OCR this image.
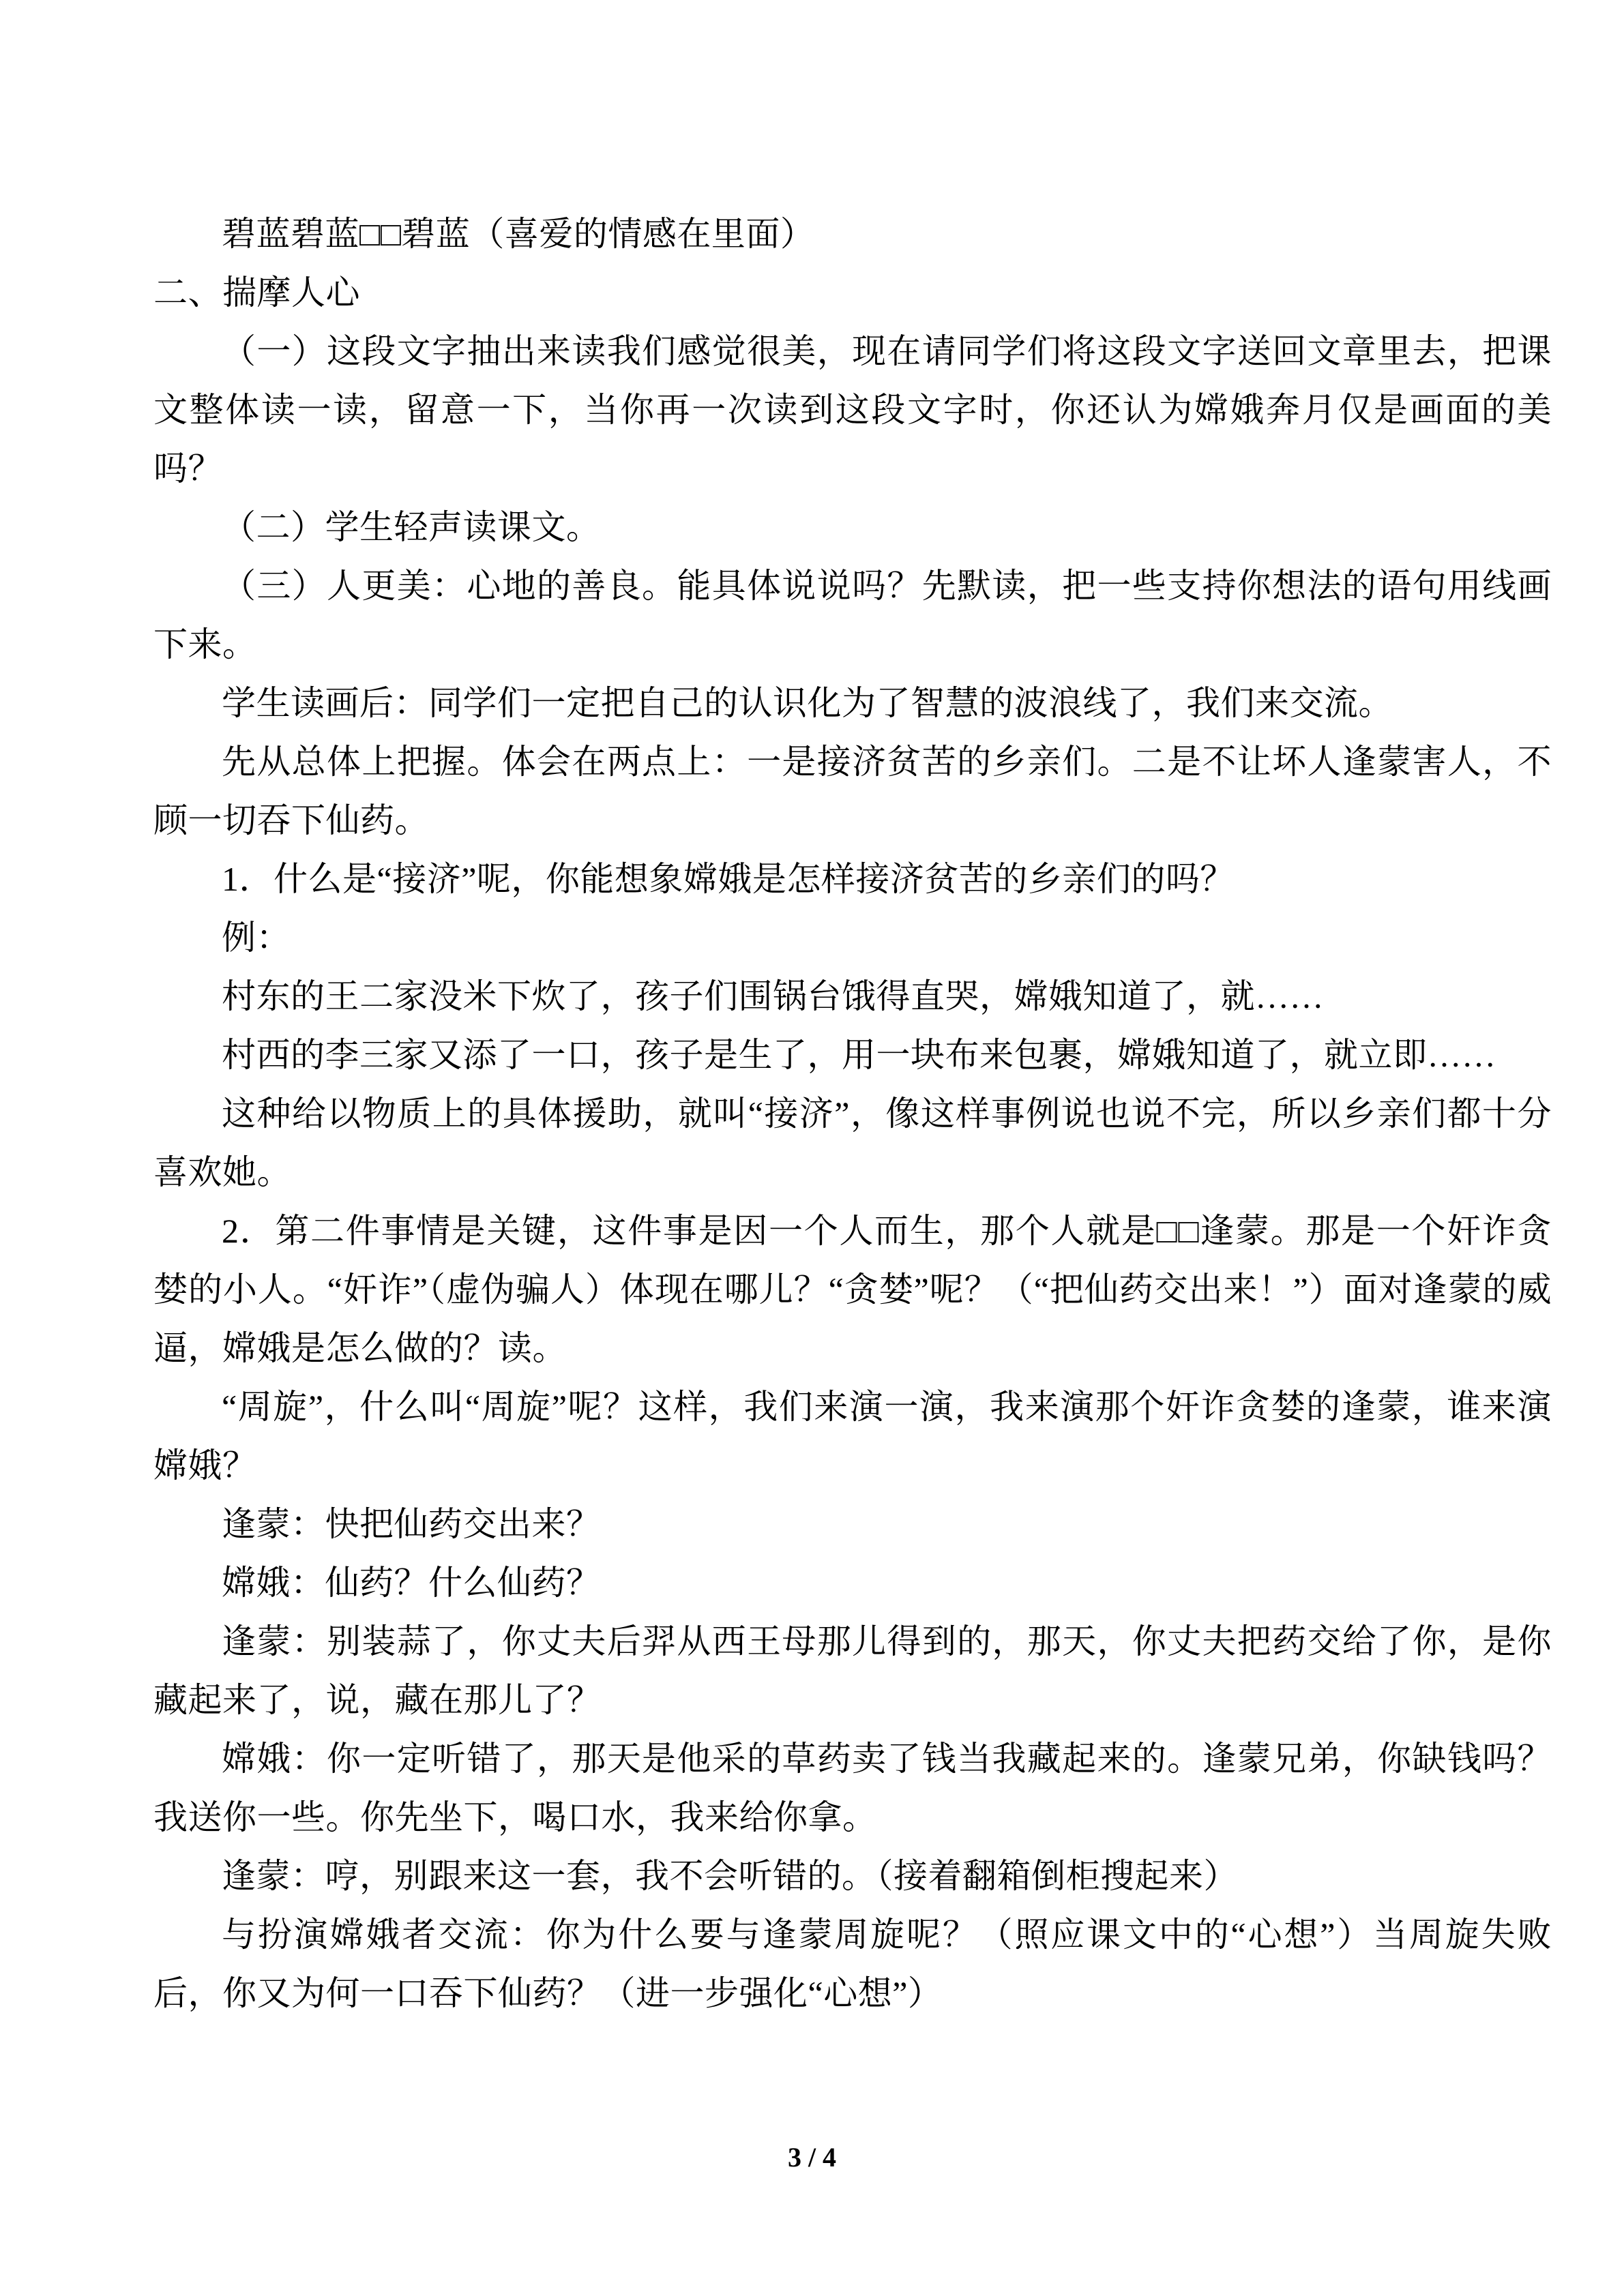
碧蓝碧蓝□□碧蓝（喜爱的情感在里面）

二、揣摩人心

（一）这段文字抽出来读我们感觉很美，现在请同学们将这段文字送回文章里去，把课文整体读一读，留意一下，当你再一次读到这段文字时，你还认为嫦娥奔月仅是画面的美吗？

（二）学生轻声读课文。

（三）人更美：心地的善良。能具体说说吗？先默读，把一些支持你想法的语句用线画下来。

学生读画后：同学们一定把自己的认识化为了智慧的波浪线了，我们来交流。

先从总体上把握。体会在两点上：一是接济贫苦的乡亲们。二是不让坏人逢蒙害人，不顾一切吞下仙药。

1．什么是“接济”呢，你能想象嫦娥是怎样接济贫苦的乡亲们的吗？

例：

村东的王二家没米下炊了，孩子们围锅台饿得直哭，嫦娥知道了，就……

村西的李三家又添了一口，孩子是生了，用一块布来包裹，嫦娥知道了，就立即……

这种给以物质上的具体援助，就叫“接济”，像这样事例说也说不完，所以乡亲们都十分喜欢她。

2．第二件事情是关键，这件事是因一个人而生，那个人就是□□逢蒙。那是一个奸诈贪婪的小人。“奸诈”（虚伪骗人）体现在哪儿？“贪婪”呢？（“把仙药交出来！”）面对逢蒙的威逼，嫦娥是怎么做的？读。

“周旋”，什么叫“周旋”呢？这样，我们来演一演，我来演那个奸诈贪婪的逢蒙，谁来演嫦娥？

逢蒙：快把仙药交出来？

嫦娥：仙药？什么仙药？

逢蒙：别装蒜了，你丈夫后羿从西王母那儿得到的，那天，你丈夫把药交给了你，是你藏起来了，说，藏在那儿了？

嫦娥：你一定听错了，那天是他采的草药卖了钱当我藏起来的。逢蒙兄弟，你缺钱吗？我送你一些。你先坐下，喝口水，我来给你拿。

逢蒙：哼，别跟来这一套，我不会听错的。（接着翻箱倒柜搜起来）

与扮演嫦娥者交流：你为什么要与逢蒙周旋呢？（照应课文中的“心想”）当周旋失败后，你又为何一口吞下仙药？（进一步强化“心想”）

3 / 4
